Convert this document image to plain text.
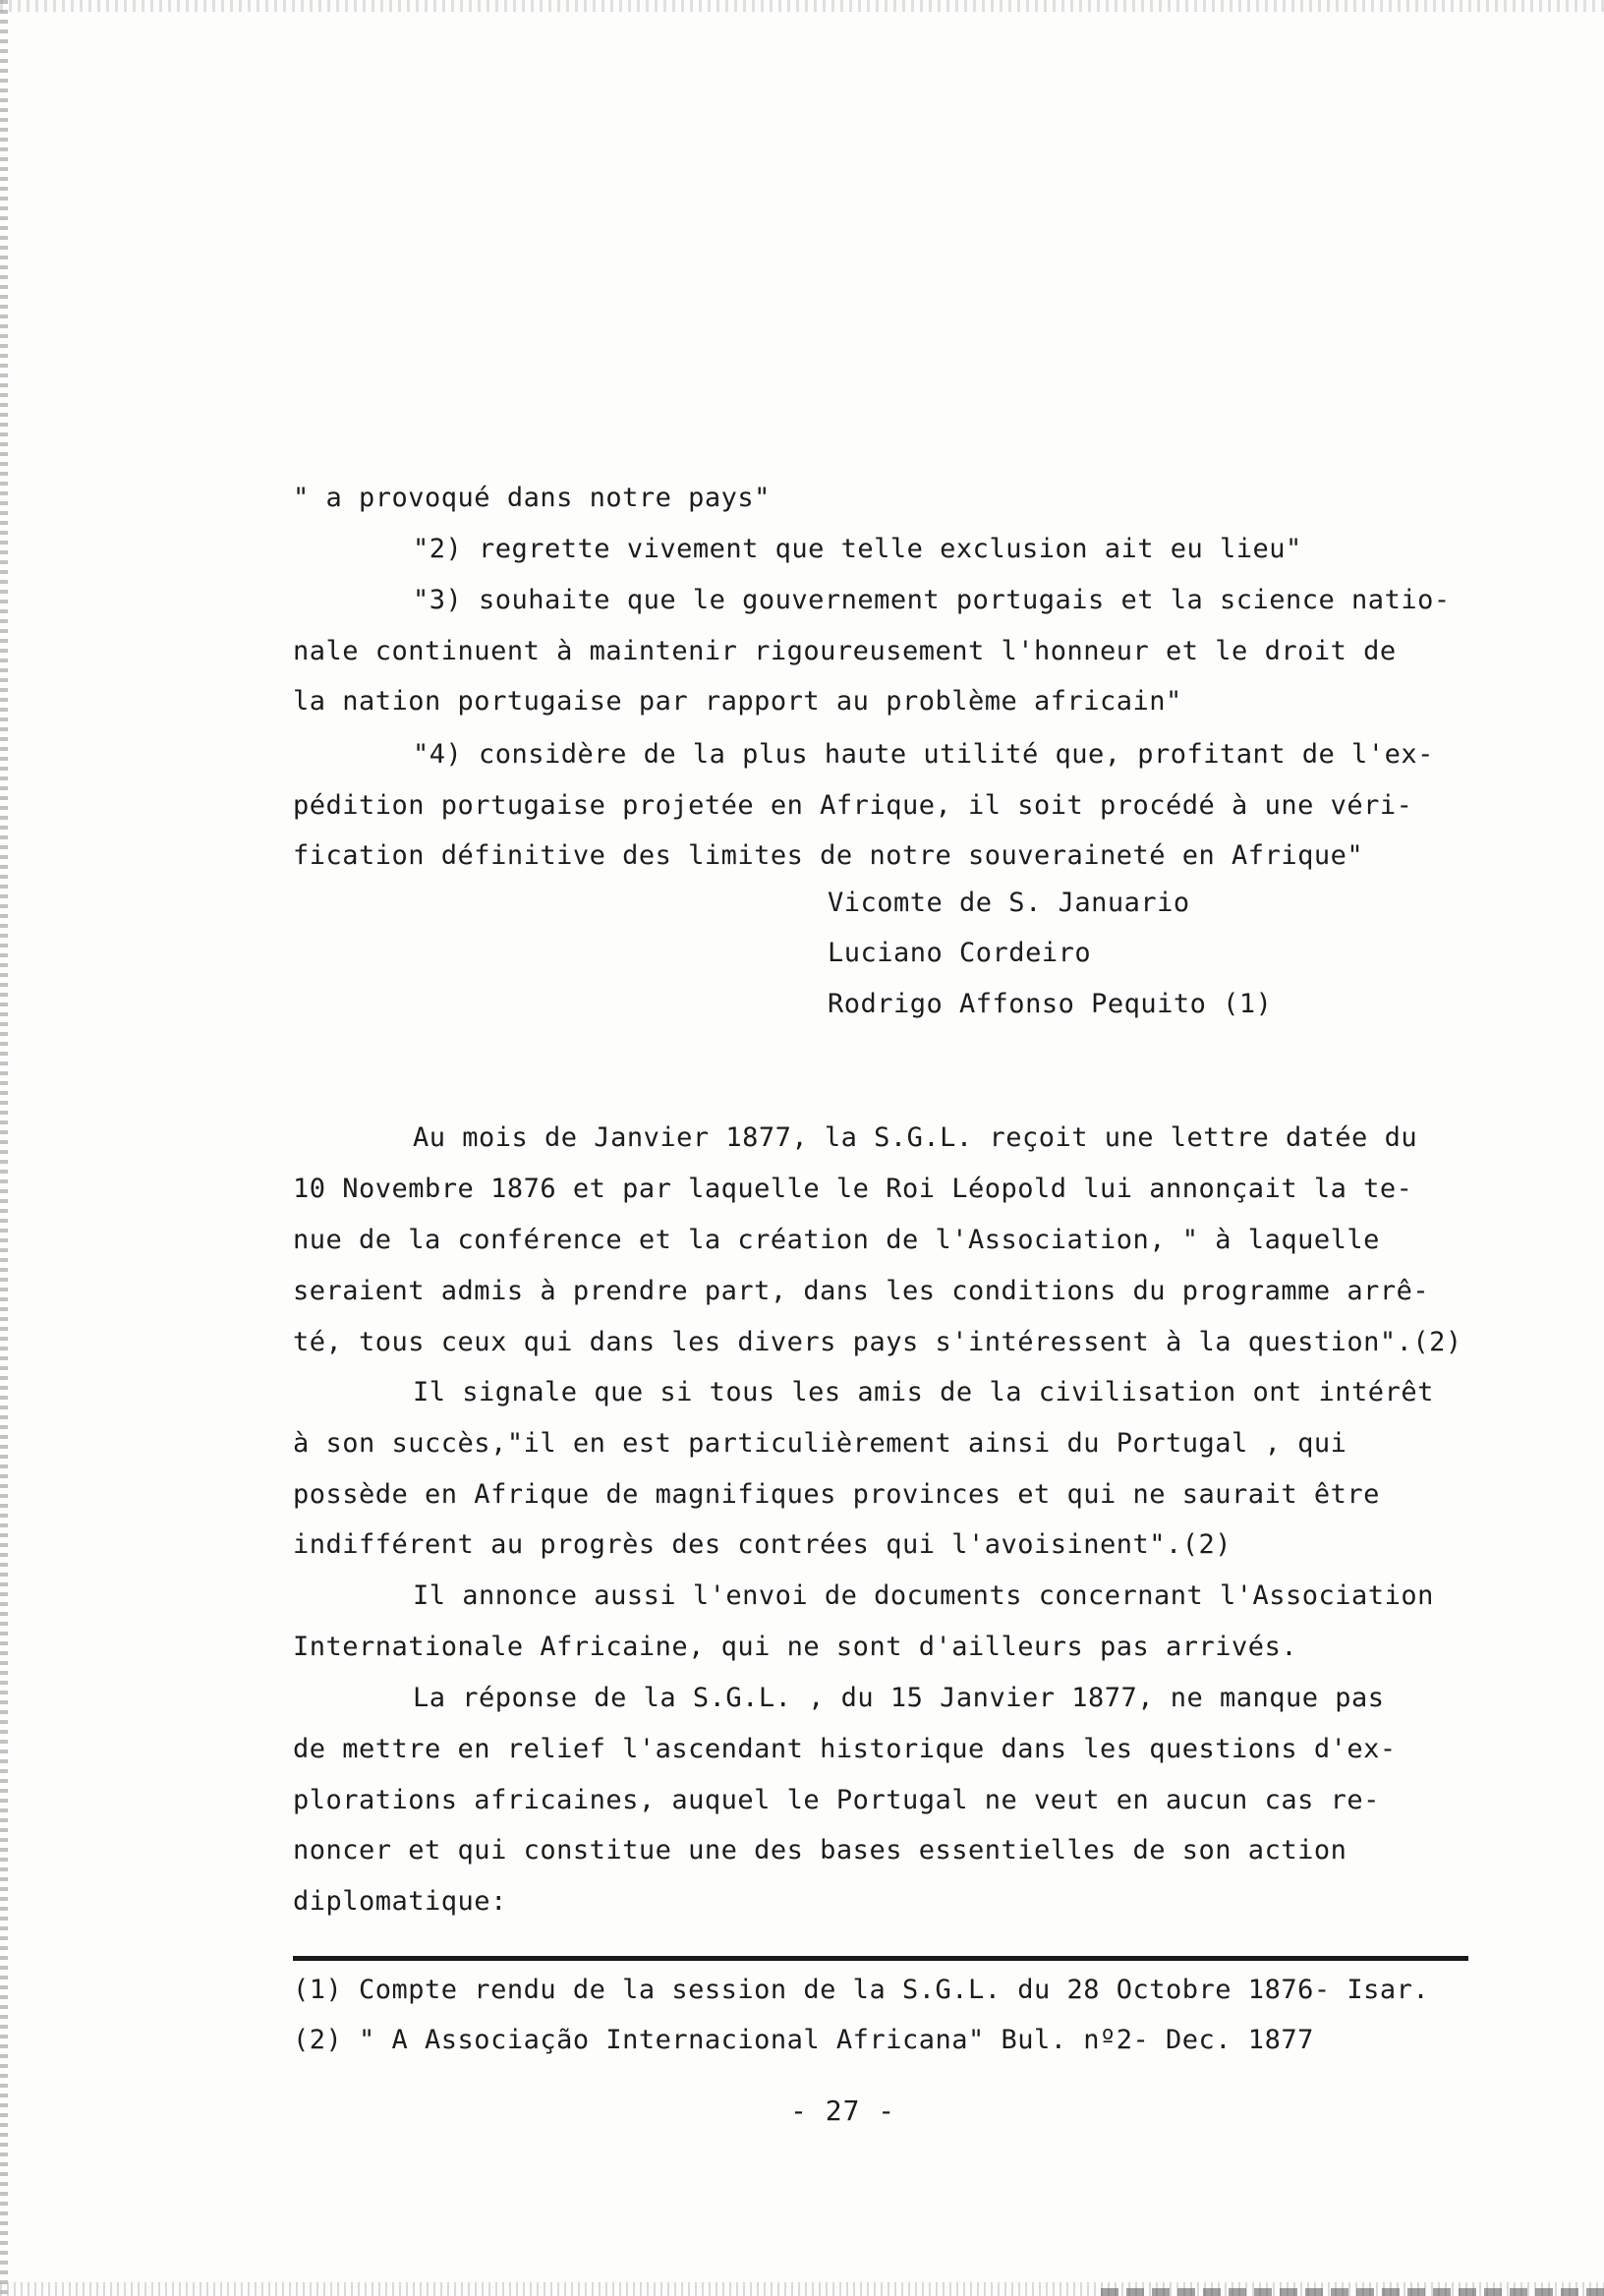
" a provoqué dans notre pays"
"2) regrette vivement que telle exclusion ait eu lieu"
"3) souhaite que le gouvernement portugais et la science natio-
nale continuent à maintenir rigoureusement l'honneur et le droit de
la nation portugaise par rapport au problème africain"
"4) considère de la plus haute utilité que, profitant de l'ex-
pédition portugaise projetée en Afrique, il soit procédé à une véri-
fication définitive des limites de notre souveraineté en Afrique"
Vicomte de S. Januario
Luciano Cordeiro
Rodrigo Affonso Pequito (1)
Au mois de Janvier 1877, la S.G.L. reçoit une lettre datée du
10 Novembre 1876 et par laquelle le Roi Léopold lui annonçait la te-
nue de la conférence et la création de l'Association, " à laquelle
seraient admis à prendre part, dans les conditions du programme arrê-
té, tous ceux qui dans les divers pays s'intéressent à la question".(2)
Il signale que si tous les amis de la civilisation ont intérêt
à son succès,"il en est particulièrement ainsi du Portugal , qui
possède en Afrique de magnifiques provinces et qui ne saurait être
indifférent au progrès des contrées qui l'avoisinent".(2)
Il annonce aussi l'envoi de documents concernant l'Association
Internationale Africaine, qui ne sont d'ailleurs pas arrivés.
La réponse de la S.G.L. , du 15 Janvier 1877, ne manque pas
de mettre en relief l'ascendant historique dans les questions d'ex-
plorations africaines, auquel le Portugal ne veut en aucun cas re-
noncer et qui constitue une des bases essentielles de son action
diplomatique:
(1) Compte rendu de la session de la S.G.L. du 28 Octobre 1876- Isar.
(2) " A Associação Internacional Africana" Bul. nº2- Dec. 1877
- 27 -
